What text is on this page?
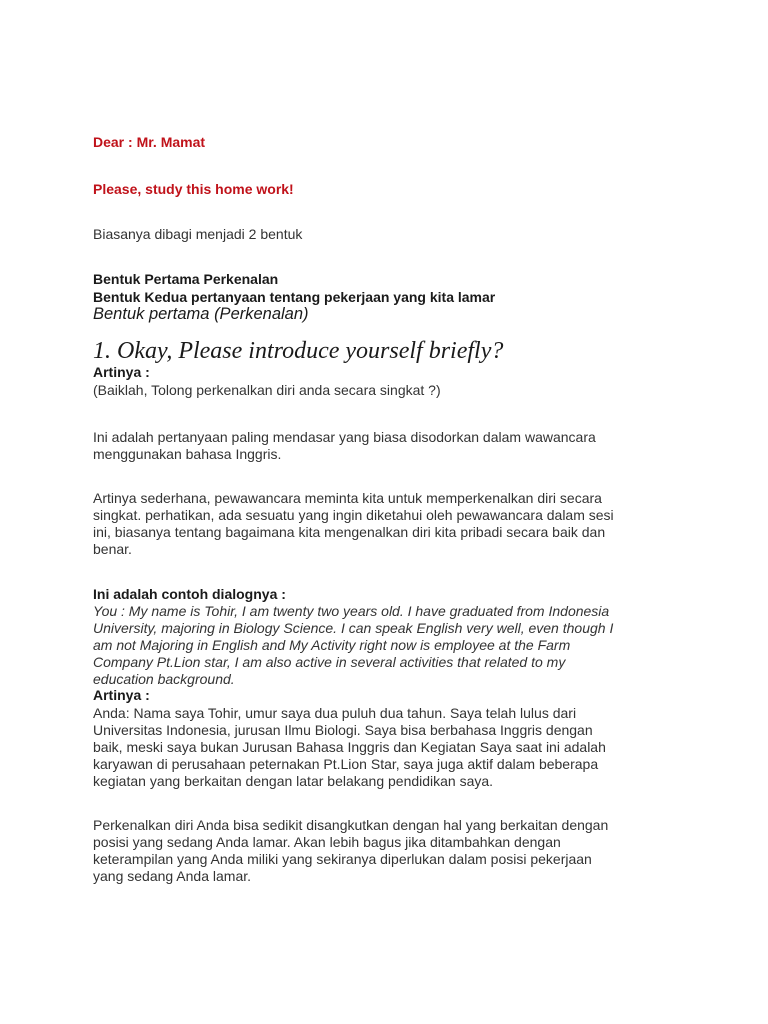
Dear : Mr. Mamat
Please, study this home work!
Biasanya dibagi menjadi 2 bentuk
Bentuk Pertama Perkenalan
Bentuk Kedua pertanyaan tentang pekerjaan yang kita lamar
Bentuk pertama (Perkenalan)
1. Okay, Please introduce yourself briefly?
Artinya :
(Baiklah, Tolong perkenalkan diri anda secara singkat ?)
Ini adalah pertanyaan paling mendasar yang biasa disodorkan dalam wawancara
menggunakan bahasa Inggris.
Artinya sederhana, pewawancara meminta kita untuk memperkenalkan diri secara
singkat. perhatikan, ada sesuatu yang ingin diketahui oleh pewawancara dalam sesi
ini, biasanya tentang bagaimana kita mengenalkan diri kita pribadi secara baik dan
benar.
Ini adalah contoh dialognya :
You : My name is Tohir, I am twenty two years old. I have graduated from Indonesia
University, majoring in Biology Science. I can speak English very well, even though I
am not Majoring in English and My Activity right now is employee at the Farm
Company Pt.Lion star, I am also active in several activities that related to my
education background.
Artinya :
Anda: Nama saya Tohir, umur saya dua puluh dua tahun. Saya telah lulus dari
Universitas Indonesia, jurusan Ilmu Biologi. Saya bisa berbahasa Inggris dengan
baik, meski saya bukan Jurusan Bahasa Inggris dan Kegiatan Saya saat ini adalah
karyawan di perusahaan peternakan Pt.Lion Star, saya juga aktif dalam beberapa
kegiatan yang berkaitan dengan latar belakang pendidikan saya.
Perkenalkan diri Anda bisa sedikit disangkutkan dengan hal yang berkaitan dengan
posisi yang sedang Anda lamar. Akan lebih bagus jika ditambahkan dengan
keterampilan yang Anda miliki yang sekiranya diperlukan dalam posisi pekerjaan
yang sedang Anda lamar.
